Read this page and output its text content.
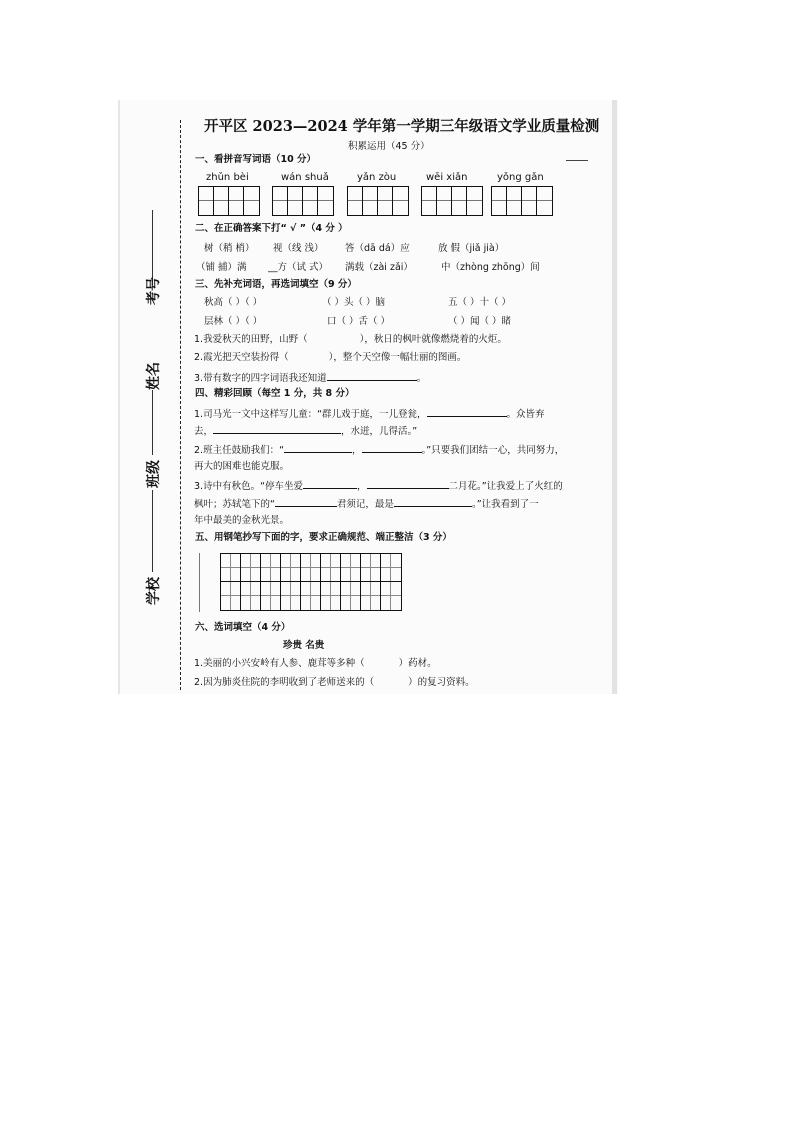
考号
姓名
班级
学校
开平区 2023—2024 学年第一学期三年级语文学业质量检测
积累运用（45 分）
一、看拼音写词语（10 分）
zhǔn bèi	wán shuǎ	yǎn zòu	wēi xiǎn	yǒng gǎn
二、在正确答案下打“ √ ”（4 分 ）
树（稍 梢） 视（线 浅） 答（dā dá）应	放 假（jiǎ jià）
（铺 捕）满 __方（试 式） 满载（zài zǎi）	中（zhòng zhōng）间
三、先补充词语，再选词填空（9 分）
秋高（ ）（ ）	（ ）头（ ）脑	五（ ）十（ ）
层林（ ）（ ）	口（ ）舌（ ）	（ ）闻（ ）睹
1.我爱秋天的田野，山野（	），秋日的枫叶就像燃烧着的火炬。
2.霞光把天空装扮得（	），整个天空像一幅壮丽的图画。
3.带有数字的四字词语我还知道	。
四、精彩回顾（每空 1 分，共 8 分）
1.司马光一文中这样写儿童：“群儿戏于庭，一儿登瓮，	。众皆弃
去，	，水迸，儿得活。”
2.班主任鼓励我们：“	，	。”只要我们团结一心，共同努力，
再大的困难也能克服。
3.诗中有秋色。“停车坐爱	，	二月花。”让我爱上了火红的
枫叶；苏轼笔下的“	君须记，最是	。”让我看到了一
年中最美的金秋光景。
五、用钢笔抄写下面的字，要求正确规范、端正整洁（3 分）
六、选词填空（4 分）
珍贵 名贵
1.美丽的小兴安岭有人参、鹿茸等多种（	）药材。
2.因为肺炎住院的李明收到了老师送来的（	）的复习资料。
